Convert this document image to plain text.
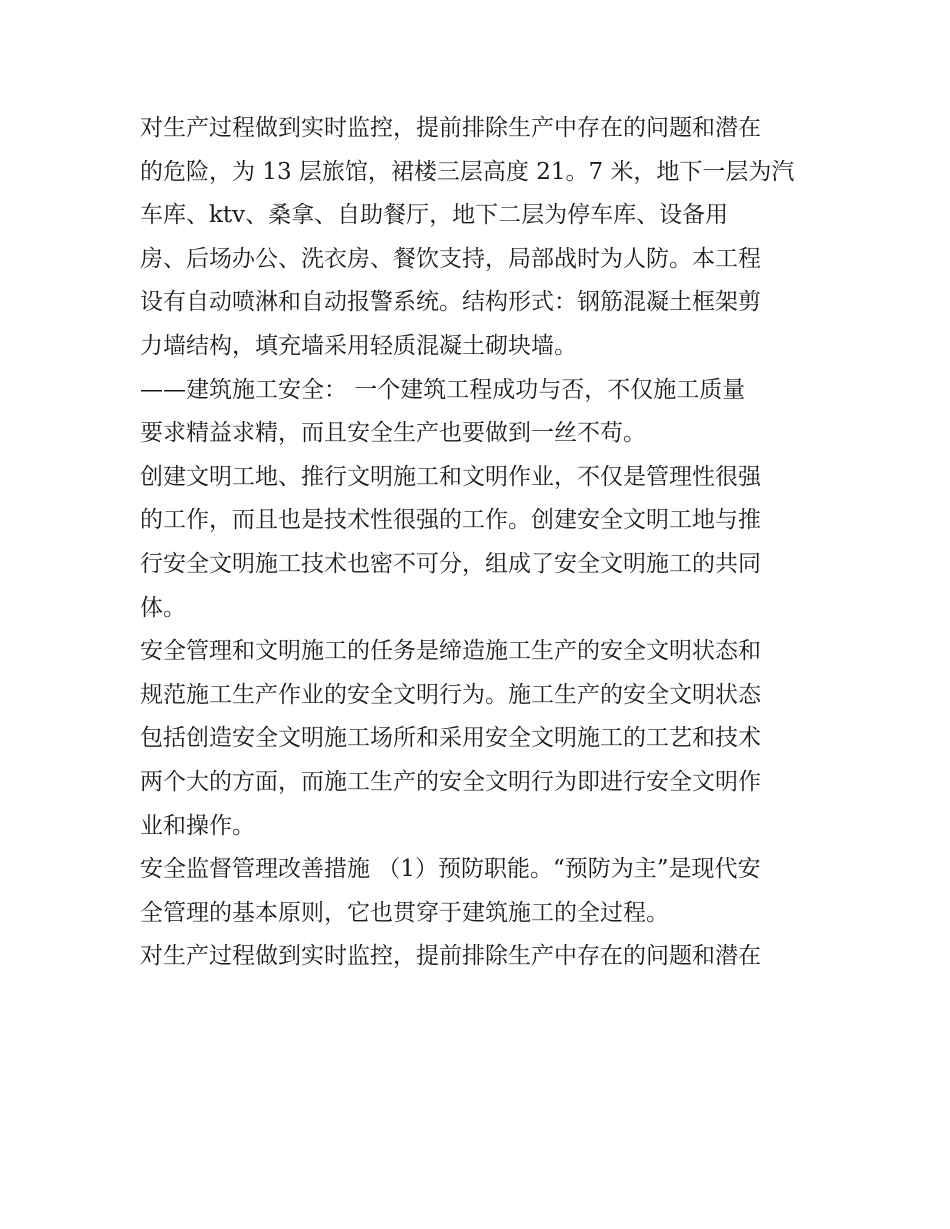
对生产过程做到实时监控，提前排除生产中存在的问题和潜在
的危险，为 13 层旅馆，裙楼三层高度 21。7 米，地下一层为汽
车库、ktv、桑拿、自助餐厅，地下二层为停车库、设备用
房、后场办公、洗衣房、餐饮支持，局部战时为人防。本工程
设有自动喷淋和自动报警系统。结构形式：钢筋混凝土框架剪
力墙结构，填充墙采用轻质混凝土砌块墙。
——建筑施工安全： 一个建筑工程成功与否，不仅施工质量
要求精益求精，而且安全生产也要做到一丝不苟。
创建文明工地、推行文明施工和文明作业，不仅是管理性很强
的工作，而且也是技术性很强的工作。创建安全文明工地与推
行安全文明施工技术也密不可分，组成了安全文明施工的共同
体。
安全管理和文明施工的任务是缔造施工生产的安全文明状态和
规范施工生产作业的安全文明行为。施工生产的安全文明状态
包括创造安全文明施工场所和采用安全文明施工的工艺和技术
两个大的方面，而施工生产的安全文明行为即进行安全文明作
业和操作。
安全监督管理改善措施 （1）预防职能。“预防为主”是现代安
全管理的基本原则，它也贯穿于建筑施工的全过程。
对生产过程做到实时监控，提前排除生产中存在的问题和潜在
